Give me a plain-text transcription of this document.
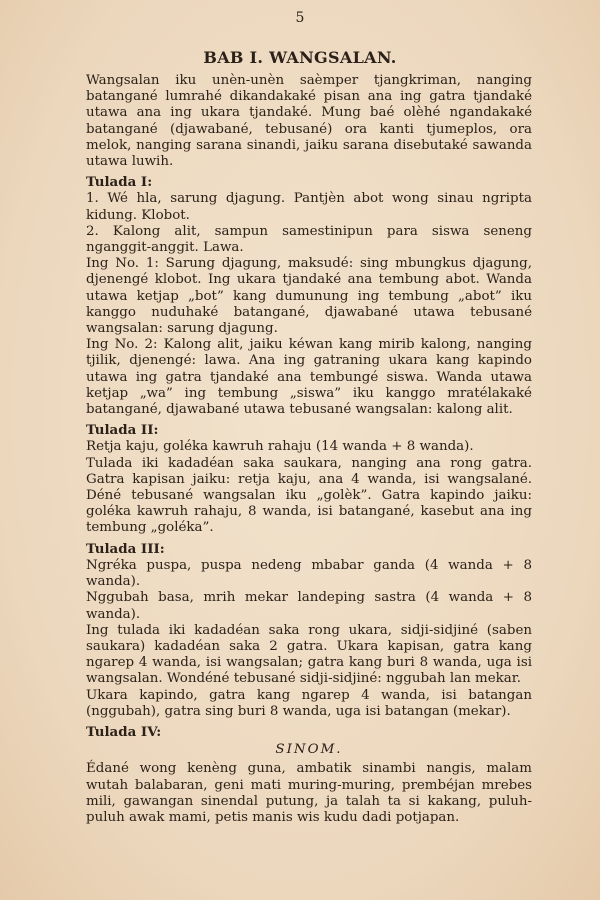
5
BAB I. WANGSALAN.

Wangsalan iku unèn-unèn saèmper tjangkriman, nanging batangané lumrahé dikandakaké pisan ana ing gatra tjandaké utawa ana ing ukara tjandaké. Mung baé olèhé ngandakaké batangané (djawabané, tebusané) ora kanti tjumeplos, ora melok, nanging sarana sinandi, jaiku sarana disebutaké sawanda utawa luwih.

Tulada I:

1. Wé hla, sarung djagung. Pantjèn abot wong sinau ngripta kidung. Klobot.

2. Kalong alit, sampun samestinipun para siswa seneng nganggit-anggit. Lawa.

Ing No. 1: Sarung djagung, maksudé: sing mbungkus djagung, djenengé klobot. Ing ukara tjandaké ana tembung abot. Wanda utawa ketjap „bot” kang dumunung ing tembung „abot” iku kanggo nuduhaké batangané, djawabané utawa tebusané wangsalan: sarung djagung.

Ing No. 2: Kalong alit, jaiku kéwan kang mirib kalong, nanging tjilik, djenengé: lawa. Ana ing gatraning ukara kang kapindo utawa ing gatra tjandaké ana tembungé siswa. Wanda utawa ketjap „wa” ing tembung „siswa” iku kanggo mratélakaké batangané, djawabané utawa tebusané wangsalan: kalong alit.

Tulada II:

Retja kaju, goléka kawruh rahaju (14 wanda + 8 wanda).

Tulada iki kadadéan saka saukara, nanging ana rong gatra. Gatra kapisan jaiku: retja kaju, ana 4 wanda, isi wangsalané. Déné tebusané wangsalan iku „golèk”. Gatra kapindo jaiku: goléka kawruh rahaju, 8 wanda, isi batangané, kasebut ana ing tembung „goléka”.

Tulada III:

Ngréka puspa, puspa nedeng mbabar ganda (4 wanda + 8 wanda).

Nggubah basa, mrih mekar landeping sastra (4 wanda + 8 wanda).

Ing tulada iki kadadéan saka rong ukara, sidji-sidjiné (saben saukara) kadadéan saka 2 gatra. Ukara kapisan, gatra kang ngarep 4 wanda, isi wangsalan; gatra kang buri 8 wanda, uga isi wangsalan. Wondéné tebusané sidji-sidjiné: nggubah lan mekar.

Ukara kapindo, gatra kang ngarep 4 wanda, isi batangan (nggubah), gatra sing buri 8 wanda, uga isi batangan (mekar).

Tulada IV:

SINOM.

Édané wong kenèng guna, ambatik sinambi nangis, malam wutah balabaran, geni mati muring-muring, prembéjan mrebes mili, gawangan sinendal putung, ja talah ta si kakang, puluh-puluh awak mami, petis manis wis kudu dadi potjapan.
